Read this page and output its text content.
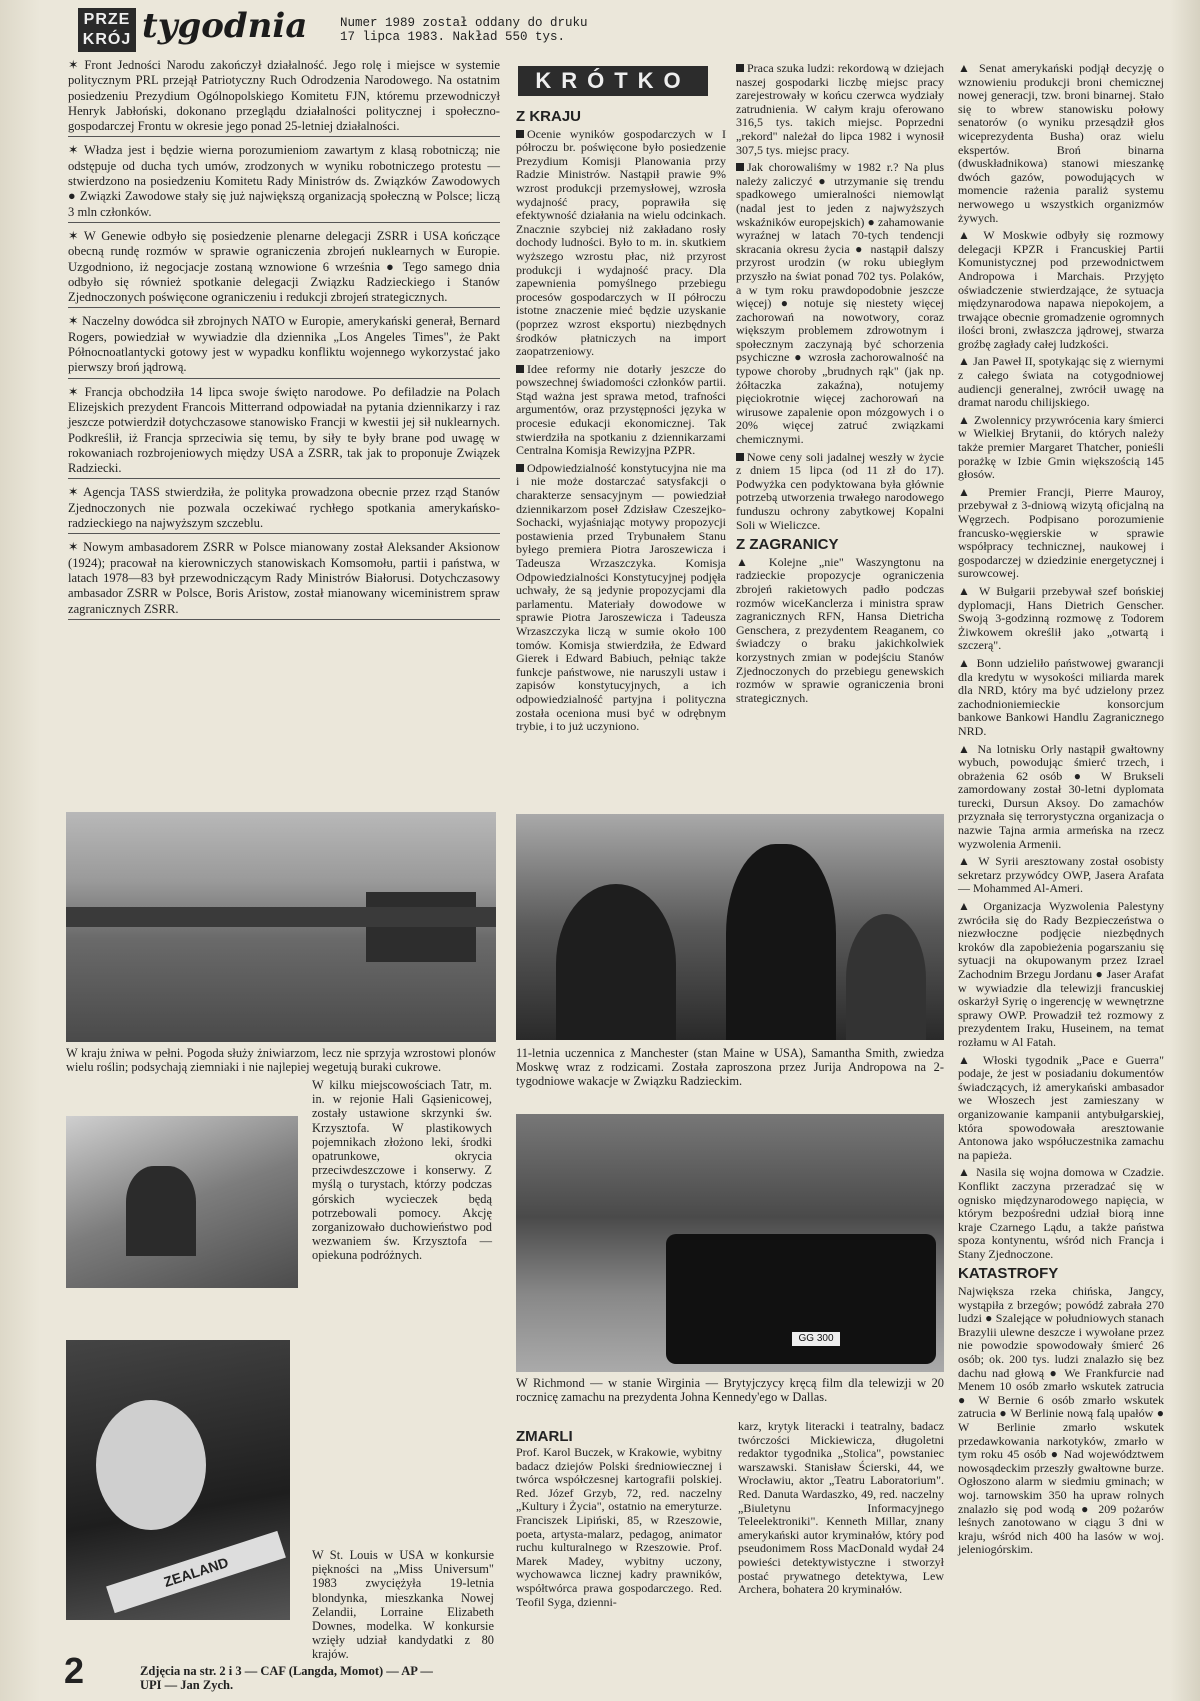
PRZE
KRÓJ tygodnia	Numer 1989 został oddany do druku 17 lipca 1983. Nakład 550 tys.

✶ Front Jedności Narodu zakończył działalność. Jego rolę i miejsce w systemie politycznym PRL przejął Patriotyczny Ruch Odrodzenia Narodowego. Na ostatnim posiedzeniu Prezydium Ogólnopolskiego Komitetu FJN, któremu przewodniczył Henryk Jabłoński, dokonano przeglądu działalności politycznej i społeczno-gospodarczej Frontu w okresie jego ponad 25-letniej działalności.

✶ Władza jest i będzie wierna porozumieniom zawartym z klasą robotniczą; nie odstępuje od ducha tych umów, zrodzonych w wyniku robotniczego protestu — stwierdzono na posiedzeniu Komitetu Rady Ministrów ds. Związków Zawodowych ● Związki Zawodowe stały się już największą organizacją społeczną w Polsce; liczą 3 mln członków.

✶ W Genewie odbyło się posiedzenie plenarne delegacji ZSRR i USA kończące obecną rundę rozmów w sprawie ograniczenia zbrojeń nuklearnych w Europie. Uzgodniono, iż negocjacje zostaną wznowione 6 września ● Tego samego dnia odbyło się również spotkanie delegacji Związku Radzieckiego i Stanów Zjednoczonych poświęcone ograniczeniu i redukcji zbrojeń strategicznych.

✶ Naczelny dowódca sił zbrojnych NATO w Europie, amerykański generał, Bernard Rogers, powiedział w wywiadzie dla dziennika „Los Angeles Times", że Pakt Północnoatlantycki gotowy jest w wypadku konfliktu wojennego wykorzystać jako pierwszy broń jądrową.

✶ Francja obchodziła 14 lipca swoje święto narodowe. Po defiladzie na Polach Elizejskich prezydent Francois Mitterrand odpowiadał na pytania dziennikarzy i raz jeszcze potwierdził dotychczasowe stanowisko Francji w kwestii jej sił nuklearnych. Podkreślił, iż Francja sprzeciwia się temu, by siły te były brane pod uwagę w rokowaniach rozbrojeniowych między USA a ZSRR, tak jak to proponuje Związek Radziecki.

✶ Agencja TASS stwierdziła, że polityka prowadzona obecnie przez rząd Stanów Zjednoczonych nie pozwala oczekiwać rychłego spotkania amerykańsko-radzieckiego na najwyższym szczeblu.

✶ Nowym ambasadorem ZSRR w Polsce mianowany został Aleksander Aksionow (1924); pracował na kierowniczych stanowiskach Komsomołu, partii i państwa, w latach 1978—83 był przewodniczącym Rady Ministrów Białorusi. Dotychczasowy ambasador ZSRR w Polsce, Boris Aristow, został mianowany wiceministrem spraw zagranicznych ZSRR.

KRÓTKO
Z KRAJU

Ocenie wyników gospodarczych w I półroczu br. poświęcone było posiedzenie Prezydium Komisji Planowania przy Radzie Ministrów. Nastąpił prawie 9% wzrost produkcji przemysłowej, wzrosła wydajność pracy, poprawiła się efektywność działania na wielu odcinkach. Znacznie szybciej niż zakładano rosły dochody ludności. Było to m. in. skutkiem wyższego wzrostu płac, niż przyrost produkcji i wydajność pracy. Dla zapewnienia pomyślnego przebiegu procesów gospodarczych w II półroczu istotne znaczenie mieć będzie uzyskanie (poprzez wzrost eksportu) niezbędnych środków płatniczych na import zaopatrzeniowy.

Idee reformy nie dotarły jeszcze do powszechnej świadomości członków partii. Stąd ważna jest sprawa metod, trafności argumentów, oraz przystępności języka w procesie edukacji ekonomicznej. Tak stwierdziła na spotkaniu z dziennikarzami Centralna Komisja Rewizyjna PZPR.

Odpowiedzialność konstytucyjna nie ma i nie może dostarczać satysfakcji o charakterze sensacyjnym — powiedział dziennikarzom poseł Zdzisław Czeszejko-Sochacki, wyjaśniając motywy propozycji postawienia przed Trybunałem Stanu byłego premiera Piotra Jaroszewicza i Tadeusza Wrzaszczyka. Komisja Odpowiedzialności Konstytucyjnej podjęła uchwały, że są jedynie propozycjami dla parlamentu. Materiały dowodowe w sprawie Piotra Jaroszewicza i Tadeusza Wrzaszczyka liczą w sumie około 100 tomów. Komisja stwierdziła, że Edward Gierek i Edward Babiuch, pełniąc także funkcje państwowe, nie naruszyli ustaw i zapisów konstytucyjnych, a ich odpowiedzialność partyjna i polityczna została oceniona musi być w odrębnym trybie, i to już uczyniono.

Praca szuka ludzi: rekordową w dziejach naszej gospodarki liczbę miejsc pracy zarejestrowały w końcu czerwca wydziały zatrudnienia. W całym kraju oferowano 316,5 tys. takich miejsc. Poprzedni „rekord" należał do lipca 1982 i wynosił 307,5 tys. miejsc pracy.

Jak chorowaliśmy w 1982 r.? Na plus należy zaliczyć ● utrzymanie się trendu spadkowego umieralności niemowląt (nadal jest to jeden z najwyższych wskaźników europejskich) ● zahamowanie wyraźnej w latach 70-tych tendencji skracania okresu życia ● nastąpił dalszy przyrost urodzin (w roku ubiegłym przyszło na świat ponad 702 tys. Polaków, a w tym roku prawdopodobnie jeszcze więcej) ● notuje się niestety więcej zachorowań na nowotwory, coraz większym problemem zdrowotnym i społecznym zaczynają być schorzenia psychiczne ● wzrosła zachorowalność na typowe choroby „brudnych rąk" (jak np. żółtaczka zakaźna), notujemy pięciokrotnie więcej zachorowań na wirusowe zapalenie opon mózgowych i o 20% więcej zatruć związkami chemicznymi.

Nowe ceny soli jadalnej weszły w życie z dniem 15 lipca (od 11 zł do 17). Podwyżka cen podyktowana była głównie potrzebą utworzenia trwałego narodowego funduszu ochrony zabytkowej Kopalni Soli w Wieliczce.

Z ZAGRANICY

▲ Kolejne „nie" Waszyngtonu na radzieckie propozycje ograniczenia zbrojeń rakietowych padło podczas rozmów wiceKanclerza i ministra spraw zagranicznych RFN, Hansa Dietricha Genschera, z prezydentem Reaganem, co świadczy o braku jakichkolwiek korzystnych zmian w podejściu Stanów Zjednoczonych do przebiegu genewskich rozmów w sprawie ograniczenia broni strategicznych.

▲ Senat amerykański podjął decyzję o wznowieniu produkcji broni chemicznej nowej generacji, tzw. broni binarnej. Stało się to wbrew stanowisku połowy senatorów (o wyniku przesądził głos wiceprezydenta Busha) oraz wielu ekspertów. Broń binarna (dwuskładnikowa) stanowi mieszankę dwóch gazów, powodujących w momencie rażenia paraliż systemu nerwowego u wszystkich organizmów żywych.

▲ W Moskwie odbyły się rozmowy delegacji KPZR i Francuskiej Partii Komunistycznej pod przewodnictwem Andropowa i Marchais. Przyjęto oświadczenie stwierdzające, że sytuacja międzynarodowa napawa niepokojem, a trwające obecnie gromadzenie ogromnych ilości broni, zwłaszcza jądrowej, stwarza groźbę zagłady całej ludzkości.

▲ Jan Paweł II, spotykając się z wiernymi z całego świata na cotygodniowej audiencji generalnej, zwrócił uwagę na dramat narodu chilijskiego.

▲ Zwolennicy przywrócenia kary śmierci w Wielkiej Brytanii, do których należy także premier Margaret Thatcher, ponieśli porażkę w Izbie Gmin większością 145 głosów.

▲ Premier Francji, Pierre Mauroy, przebywał z 3-dniową wizytą oficjalną na Węgrzech. Podpisano porozumienie francusko-węgierskie w sprawie współpracy technicznej, naukowej i gospodarczej w dziedzinie energetycznej i surowcowej.

▲ W Bułgarii przebywał szef bońskiej dyplomacji, Hans Dietrich Genscher. Swoją 3-godzinną rozmowę z Todorem Żiwkowem określił jako „otwartą i szczerą".

▲ Bonn udzieliło państwowej gwarancji dla kredytu w wysokości miliarda marek dla NRD, który ma być udzielony przez zachodnioniemieckie konsorcjum bankowe Bankowi Handlu Zagranicznego NRD.

▲ Na lotnisku Orly nastąpił gwałtowny wybuch, powodując śmierć trzech, i obrażenia 62 osób ● W Brukseli zamordowany został 30-letni dyplomata turecki, Dursun Aksoy. Do zamachów przyznała się terrorystyczna organizacja o nazwie Tajna armia armeńska na rzecz wyzwolenia Armenii.

▲ W Syrii aresztowany został osobisty sekretarz przywódcy OWP, Jasera Arafata — Mohammed Al-Ameri.

▲ Organizacja Wyzwolenia Palestyny zwróciła się do Rady Bezpieczeństwa o niezwłoczne podjęcie niezbędnych kroków dla zapobieżenia pogarszaniu się sytuacji na okupowanym przez Izrael Zachodnim Brzegu Jordanu ● Jaser Arafat w wywiadzie dla telewizji francuskiej oskarżył Syrię o ingerencję w wewnętrzne sprawy OWP. Prowadził też rozmowy z prezydentem Iraku, Huseinem, na temat rozłamu w Al Fatah.

▲ Włoski tygodnik „Pace e Guerra" podaje, że jest w posiadaniu dokumentów świadczących, iż amerykański ambasador we Włoszech jest zamieszany w organizowanie kampanii antybułgarskiej, która spowodowała aresztowanie Antonowa jako współuczestnika zamachu na papieża.

▲ Nasila się wojna domowa w Czadzie. Konflikt zaczyna przeradzać się w ognisko międzynarodowego napięcia, w którym bezpośredni udział biorą inne kraje Czarnego Lądu, a także państwa spoza kontynentu, wśród nich Francja i Stany Zjednoczone.

KATASTROFY

Największa rzeka chińska, Jangcy, wystąpiła z brzegów; powódź zabrała 270 ludzi ● Szalejące w południowych stanach Brazylii ulewne deszcze i wywołane przez nie powodzie spowodowały śmierć 26 osób; ok. 200 tys. ludzi znalazło się bez dachu nad głową ● We Frankfurcie nad Menem 10 osób zmarło wskutek zatrucia ● W Bernie 6 osób zmarło wskutek zatrucia ● W Berlinie nową falą upałów ● W Berlinie zmarło wskutek przedawkowania narkotyków, zmarło w tym roku 45 osób ● Nad województwem nowosądeckim przeszły gwałtowne burze. Ogłoszono alarm w siedmiu gminach; w woj. tarnowskim 350 ha upraw rolnych znalazło się pod wodą ● 209 pożarów leśnych zanotowano w ciągu 3 dni w kraju, wśród nich 400 ha lasów w woj. jeleniogórskim.

W kraju żniwa w pełni. Pogoda służy żniwiarzom, lecz nie sprzyja wzrostowi plonów wielu roślin; podsychają ziemniaki i nie najlepiej wegetują buraki cukrowe.
11-letnia uczennica z Manchester (stan Maine w USA), Samantha Smith, zwiedza Moskwę wraz z rodzicami. Została zaproszona przez Jurija Andropowa na 2-tygodniowe wakacje w Związku Radzieckim.
W kilku miejscowościach Tatr, m. in. w rejonie Hali Gąsienicowej, zostały ustawione skrzynki św. Krzysztofa. W plastikowych pojemnikach złożono leki, środki opatrunkowe, okrycia przeciwdeszczowe i konserwy. Z myślą o turystach, którzy podczas górskich wycieczek będą potrzebowali pomocy. Akcję zorganizowało duchowieństwo pod wezwaniem św. Krzysztofa — opiekuna podróżnych.
GG 300
W Richmond — w stanie Wirginia — Brytyjczycy kręcą film dla telewizji w 20 rocznicę zamachu na prezydenta Johna Kennedy'ego w Dallas.
ZEALAND	W St. Louis w USA w konkursie piękności na „Miss Universum" 1983 zwyciężyła 19-letnia blondynka, mieszkanka Nowej Zelandii, Lorraine Elizabeth Downes, modelka. W konkursie wzięły udział kandydatki z 80 krajów.
ZMARLI
Prof. Karol Buczek, w Krakowie, wybitny badacz dziejów Polski średniowiecznej i twórca współczesnej kartografii polskiej. Red. Józef Grzyb, 72, red. naczelny „Kultury i Życia", ostatnio na emeryturze. Franciszek Lipiński, 85, w Rzeszowie, poeta, artysta-malarz, pedagog, animator ruchu kulturalnego w Rzeszowie. Prof. Marek Madey, wybitny uczony, wychowawca licznej kadry prawników, współtwórca prawa gospodarczego. Red. Teofil Syga, dzienni-
karz, krytyk literacki i teatralny, badacz twórczości Mickiewicza, długoletni redaktor tygodnika „Stolica", powstaniec warszawski. Stanisław Ścierski, 44, we Wrocławiu, aktor „Teatru Laboratorium". Red. Danuta Wardaszko, 49, red. naczelny „Biuletynu Informacyjnego Teleelektroniki". Kenneth Millar, znany amerykański autor kryminałów, który pod pseudonimem Ross MacDonald wydał 24 powieści detektywistyczne i stworzył postać prywatnego detektywa, Lew Archera, bohatera 20 kryminałów.
2	Zdjęcia na str. 2 i 3 — CAF (Langda, Momot) — AP — UPI — Jan Zych.
